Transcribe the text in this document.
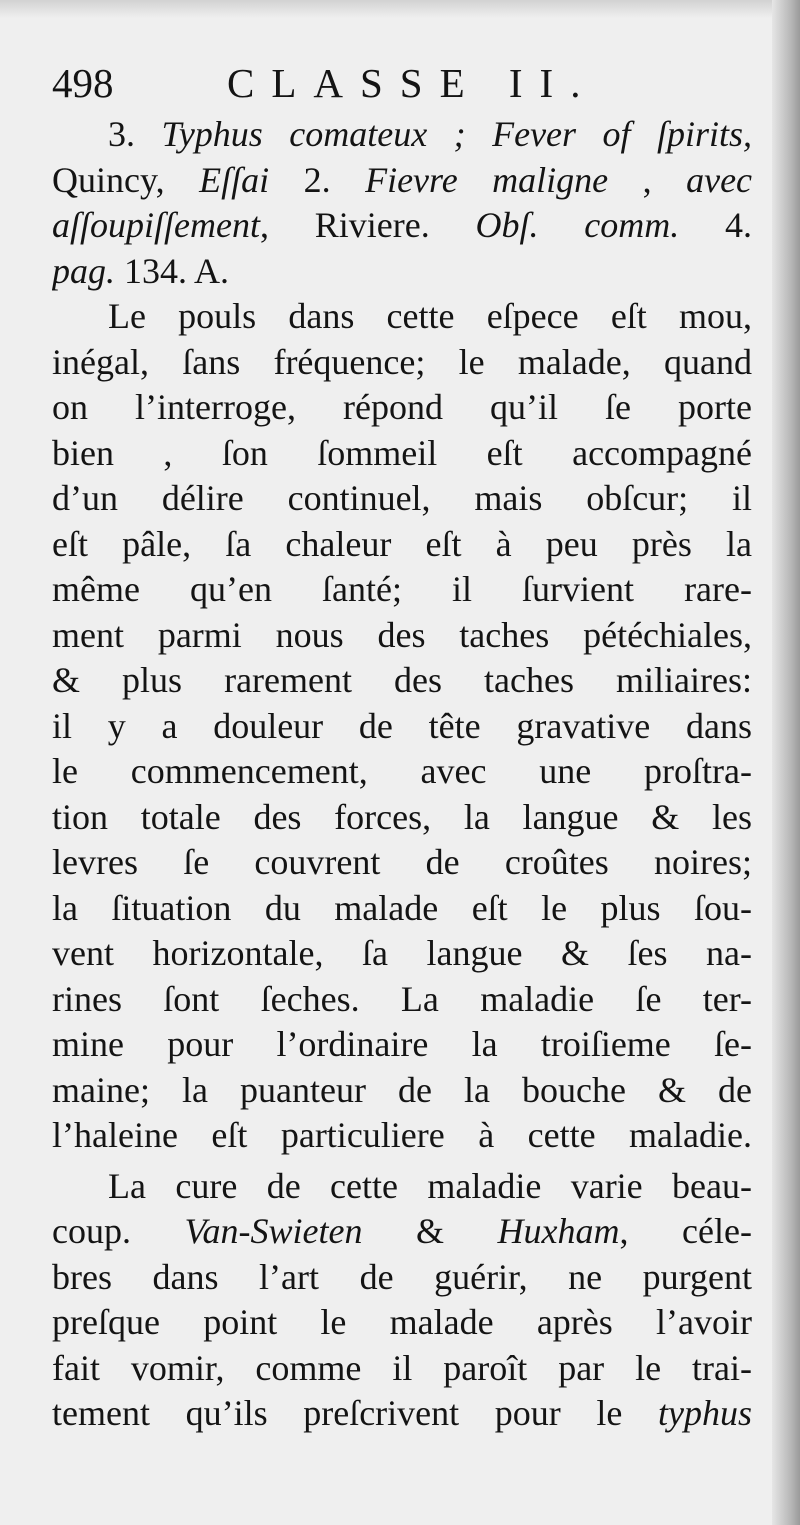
498	CLASSE II.
3. Typhus comateux ; Fever of ſpirits,
Quincy, Eſſai 2. Fievre maligne , avec
aſſoupiſſement, Riviere. Obſ. comm. 4.
pag. 134. A.
Le pouls dans cette eſpece eſt mou,
inégal, ſans fréquence; le malade, quand
on l’interroge, répond qu’il ſe porte
bien , ſon ſommeil eſt accompagné
d’un délire continuel, mais obſcur; il
eſt pâle, ſa chaleur eſt à peu près la
même qu’en ſanté; il ſurvient rare-
ment parmi nous des taches pétéchiales,
& plus rarement des taches miliaires:
il y a douleur de tête gravative dans
le commencement, avec une proſtra-
tion totale des forces, la langue & les
levres ſe couvrent de croûtes noires;
la ſituation du malade eſt le plus ſou-
vent horizontale, ſa langue & ſes na-
rines ſont ſeches. La maladie ſe ter-
mine pour l’ordinaire la troiſieme ſe-
maine; la puanteur de la bouche & de
l’haleine eſt particuliere à cette maladie.
La cure de cette maladie varie beau-
coup. Van-Swieten & Huxham, céle-
bres dans l’art de guérir, ne purgent
preſque point le malade après l’avoir
fait vomir, comme il paroît par le trai-
tement qu’ils preſcrivent pour le typhus
